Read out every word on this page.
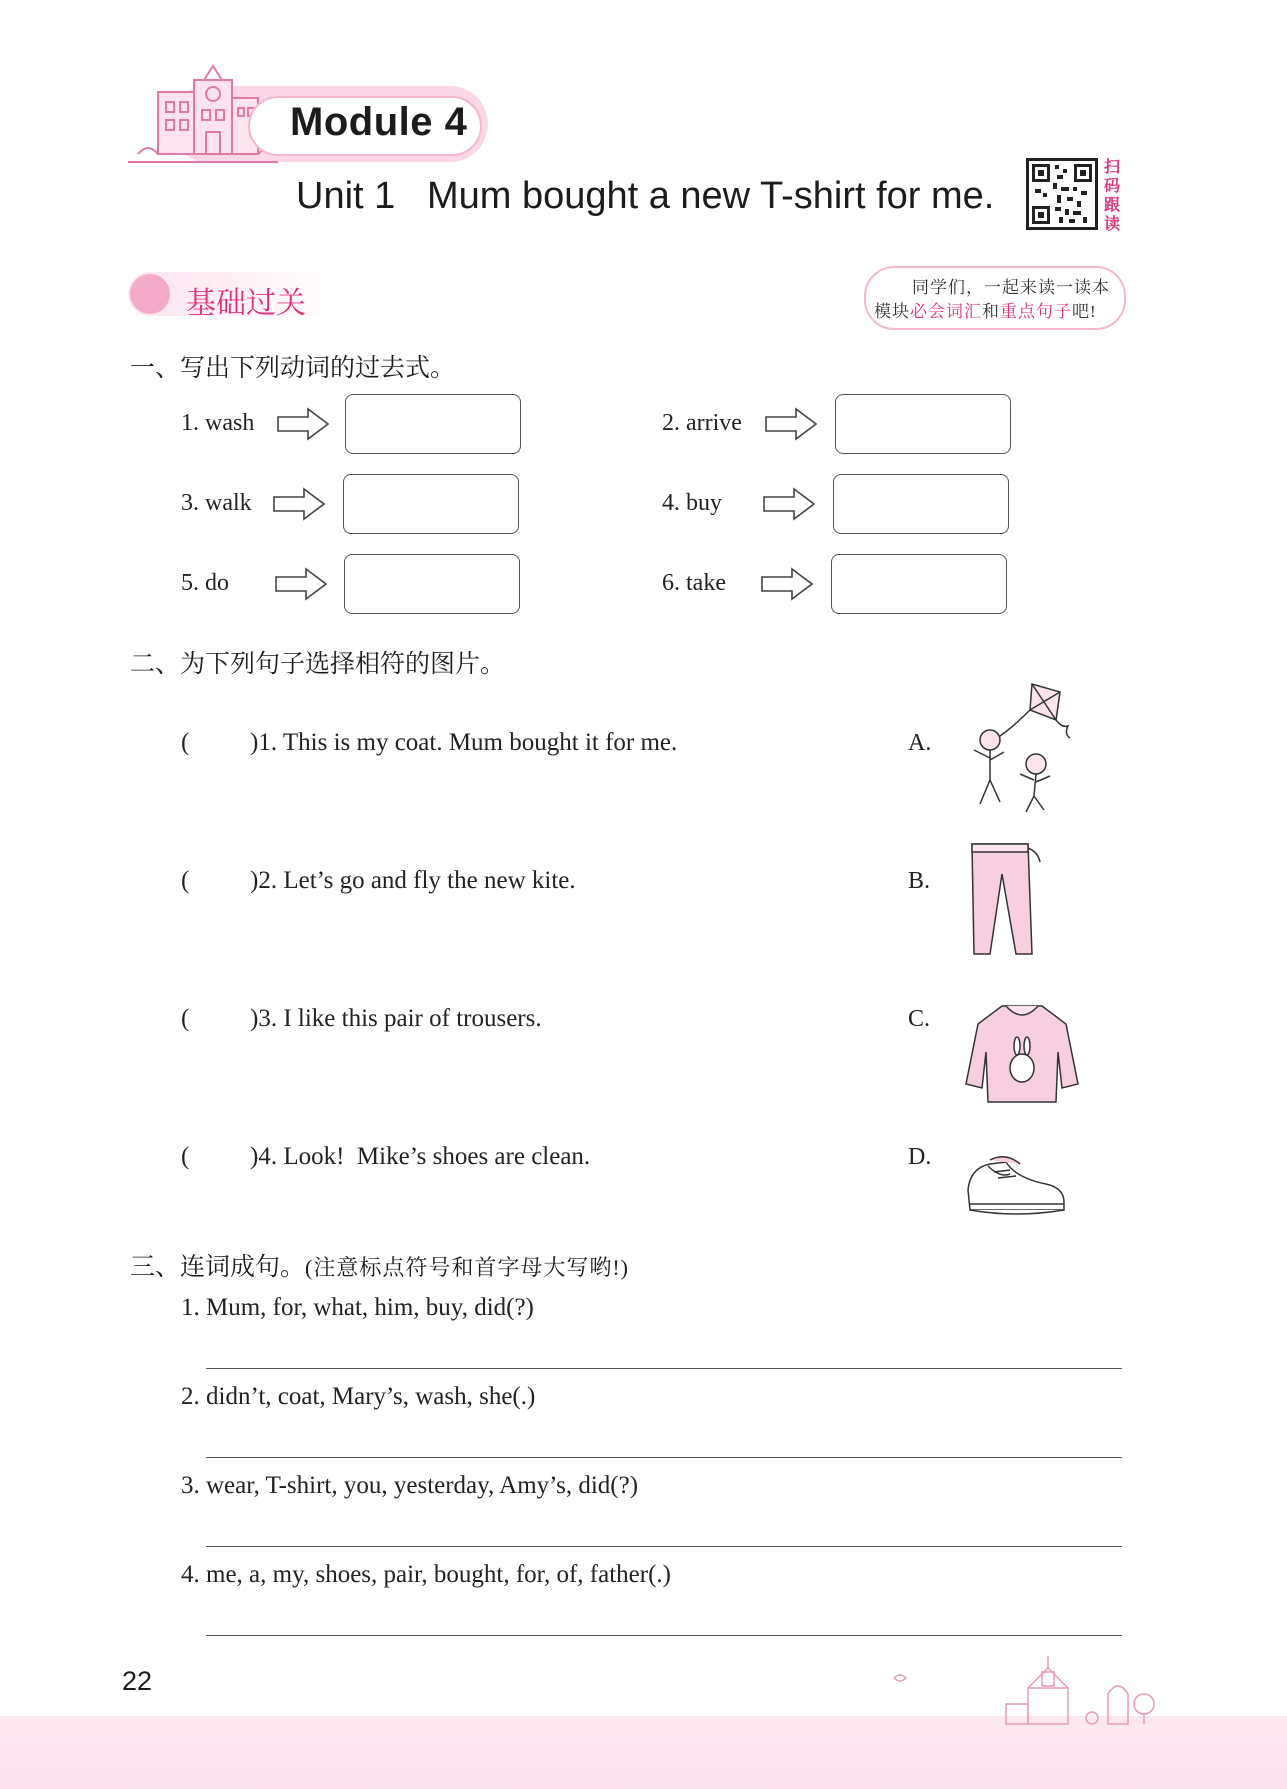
Module 4
Unit 1   Mum bought a new T-shirt for me.
扫
码
跟
读
基础过关	同学们，一起来读一读本
模块必会词汇和重点句子吧!
一、写出下列动词的过去式。
1. wash	2. arrive
3. walk	4. buy
5. do	6. take
二、为下列句子选择相符的图片。
( )1. This is my coat. Mum bought it for me.
( )2. Let’s go and fly the new kite.
( )3. I like this pair of trousers.
( )4. Look!  Mike’s shoes are clean.
A.
B.
C.
D.
三、连词成句。(注意标点符号和首字母大写哟!)
1. Mum, for, what, him, buy, did(?)
2. didn’t, coat, Mary’s, wash, she(.)
3. wear, T-shirt, you, yesterday, Amy’s, did(?)
4. me, a, my, shoes, pair, bought, for, of, father(.)
22
